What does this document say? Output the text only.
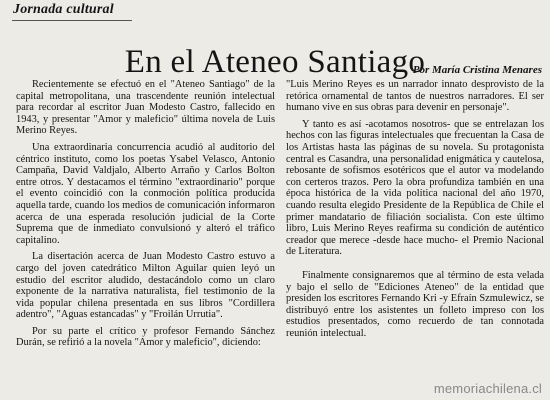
Jornada cultural
En el Ateneo Santiago
Por María Cristina Menares

Recientemente se efectuó en el "Ateneo Santiago" de la capital metropolitana, una trascendente reunión intelectual para recordar al escritor Juan Modesto Castro, fallecido en 1943, y presentar "Amor y maleficio" última novela de Luis Merino Reyes.

Una extraordinaria concurrencia acudió al auditorio del céntrico instituto, como los poetas Ysabel Velasco, Antonio Campaña, David Valdjalo, Alberto Arraño y Carlos Bolton entre otros. Y destacamos el término "extraordinario" porque el evento coincidió con la conmoción política producida aquella tarde, cuando los medios de comunicación informaron acerca de una esperada resolución judicial de la Corte Suprema que de inmediato convulsionó y alteró el tráfico capitalino.

La disertación acerca de Juan Modesto Castro estuvo a cargo del joven catedrático Milton Aguilar quien leyó un estudio del escritor aludido, destacándolo como un claro exponente de la narrativa naturalista, fiel testimonio de la vida popular chilena presentada en sus libros "Cordillera adentro", "Aguas estancadas" y "Froilán Urrutia".

Por su parte el crítico y profesor Fernando Sánchez Durán, se refirió a la novela "Amor y maleficio", diciendo:

"Luis Merino Reyes es un narrador innato desprovisto de la retórica ornamental de tantos de nuestros narradores. El ser humano vive en sus obras para devenir en personaje".

Y tanto es así -acotamos nosotros- que se entrelazan los hechos con las figuras intelectuales que frecuentan la Casa de los Artistas hasta las páginas de su novela. Su protagonista central es Casandra, una personalidad enigmática y cautelosa, rebosante de sofismos esotéricos que el autor va modelando con certeros trazos. Pero la obra profundiza también en una época histórica de la vida política nacional del año 1970, cuando resulta elegido Presidente de la República de Chile el primer mandatario de filiación socialista. Con este último libro, Luis Merino Reyes reafirma su condición de auténtico creador que merece -desde hace mucho- el Premio Nacional de Literatura.

Finalmente consignaremos que al término de esta velada y bajo el sello de "Ediciones Ateneo" de la entidad que presiden los escritores Fernando Kri -y Efraín Szmulewicz, se distribuyó entre los asistentes un folleto impreso con los estudios presentados, como recuerdo de tan connotada reunión intelectual.

memoriachilena.cl
